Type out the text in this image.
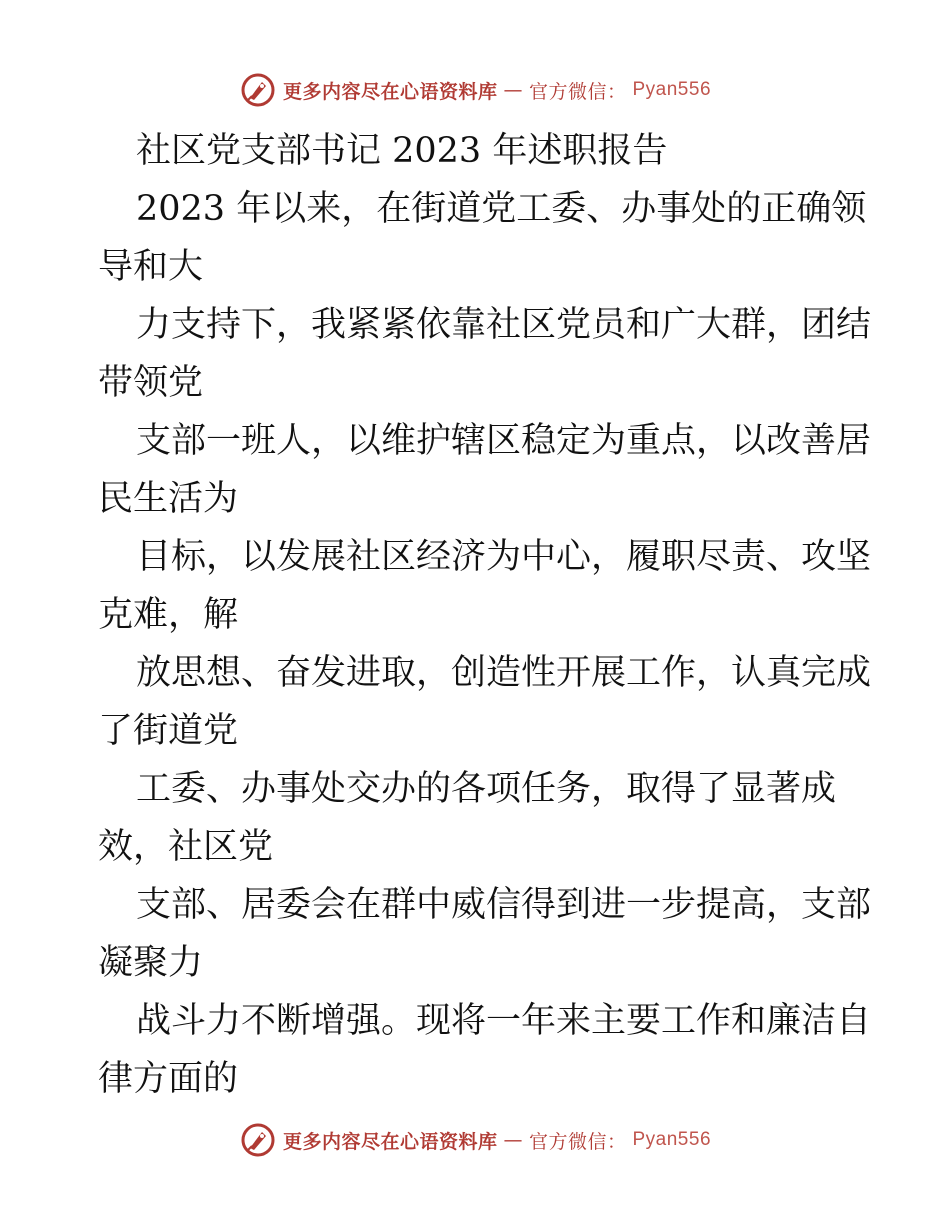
更多内容尽在心语资料库 — 官方微信： Pyan556
社区党支部书记 2023 年述职报告
2023 年以来，在街道党工委、办事处的正确领
导和大
力支持下，我紧紧依靠社区党员和广大群，团结
带领党
支部一班人，以维护辖区稳定为重点，以改善居
民生活为
目标，以发展社区经济为中心，履职尽责、攻坚
克难，解
放思想、奋发进取，创造性开展工作，认真完成
了街道党
工委、办事处交办的各项任务，取得了显著成
效，社区党
支部、居委会在群中威信得到进一步提高，支部
凝聚力
战斗力不断增强。现将一年来主要工作和廉洁自
律方面的
更多内容尽在心语资料库 — 官方微信： Pyan556
